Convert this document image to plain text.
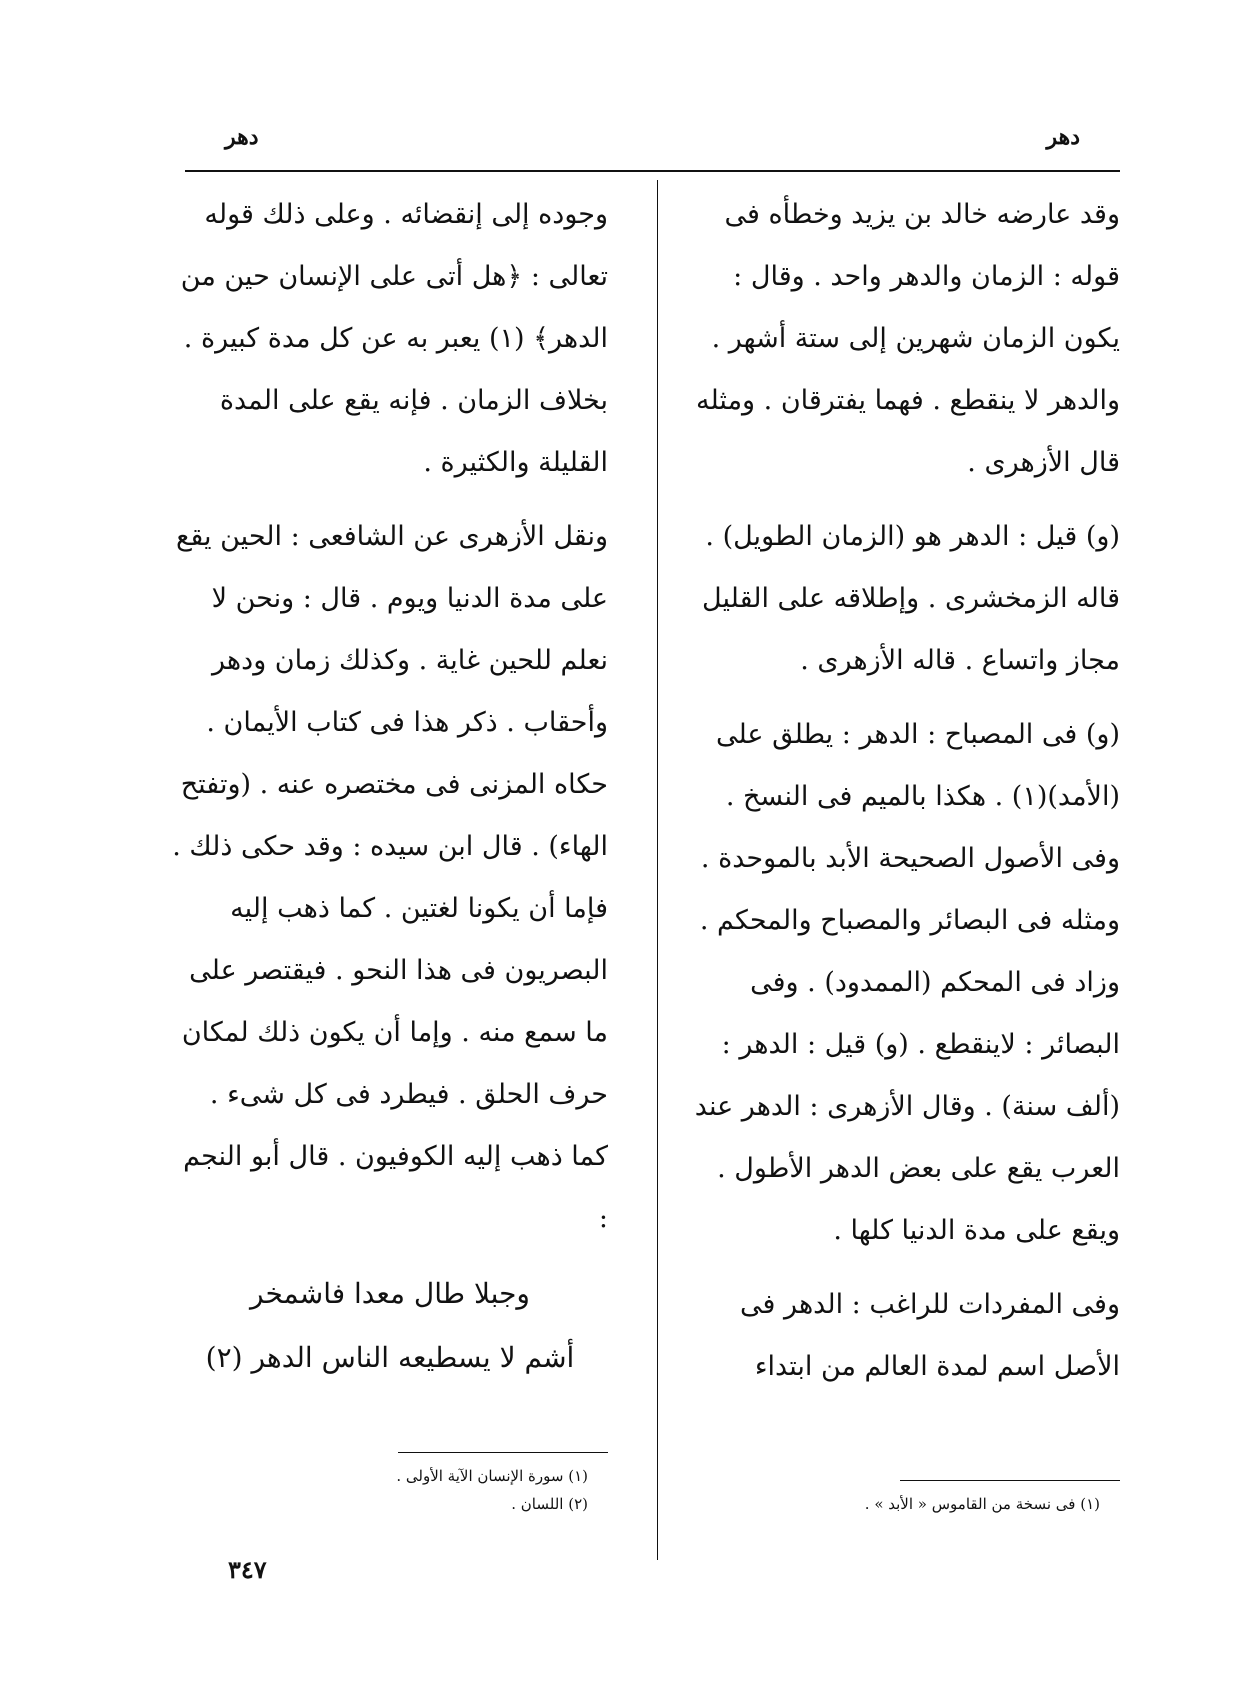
دهر	دهر

وقد عارضه خالد بن يزيد وخطأه فى قوله : الزمان والدهر واحد . وقال : يكون الزمان شهرين إلى ستة أشهر . والدهر لا ينقطع . فهما يفترقان . ومثله قال الأزهرى .

(و) قيل : الدهر هو (الزمان الطويل) . قاله الزمخشرى . وإطلاقه على القليل مجاز واتساع . قاله الأزهرى .

(و) فى المصباح : الدهر : يطلق على (الأمد)(١) . هكذا بالميم فى النسخ . وفى الأصول الصحيحة الأبد بالموحدة . ومثله فى البصائر والمصباح والمحكم . وزاد فى المحكم (الممدود) . وفى البصائر : لاينقطع . (و) قيل : الدهر : (ألف سنة) . وقال الأزهرى : الدهر عند العرب يقع على بعض الدهر الأطول . ويقع على مدة الدنيا كلها .

وفى المفردات للراغب : الدهر فى الأصل اسم لمدة العالم من ابتداء

وجوده إلى إنقضائه . وعلى ذلك قوله تعالى : ﴿هل أتى على الإنسان حين من الدهر﴾ (١) يعبر به عن كل مدة كبيرة . بخلاف الزمان . فإنه يقع على المدة القليلة والكثيرة .

ونقل الأزهرى عن الشافعى : الحين يقع على مدة الدنيا ويوم . قال : ونحن لا نعلم للحين غاية . وكذلك زمان ودهر وأحقاب . ذكر هذا فى كتاب الأيمان . حكاه المزنى فى مختصره عنه . (وتفتح الهاء) . قال ابن سيده : وقد حكى ذلك . فإما أن يكونا لغتين . كما ذهب إليه البصريون فى هذا النحو . فيقتصر على ما سمع منه . وإما أن يكون ذلك لمكان حرف الحلق . فيطرد فى كل شىء . كما ذهب إليه الكوفيون . قال أبو النجم :

وجبلا طال معدا فاشمخر
أشم لا يسطيعه الناس الدهر (٢)
(١) سورة الإنسان الآية الأولى .
(٢) اللسان .	(١) فى نسخة من القاموس « الأبد » .
٣٤٧
